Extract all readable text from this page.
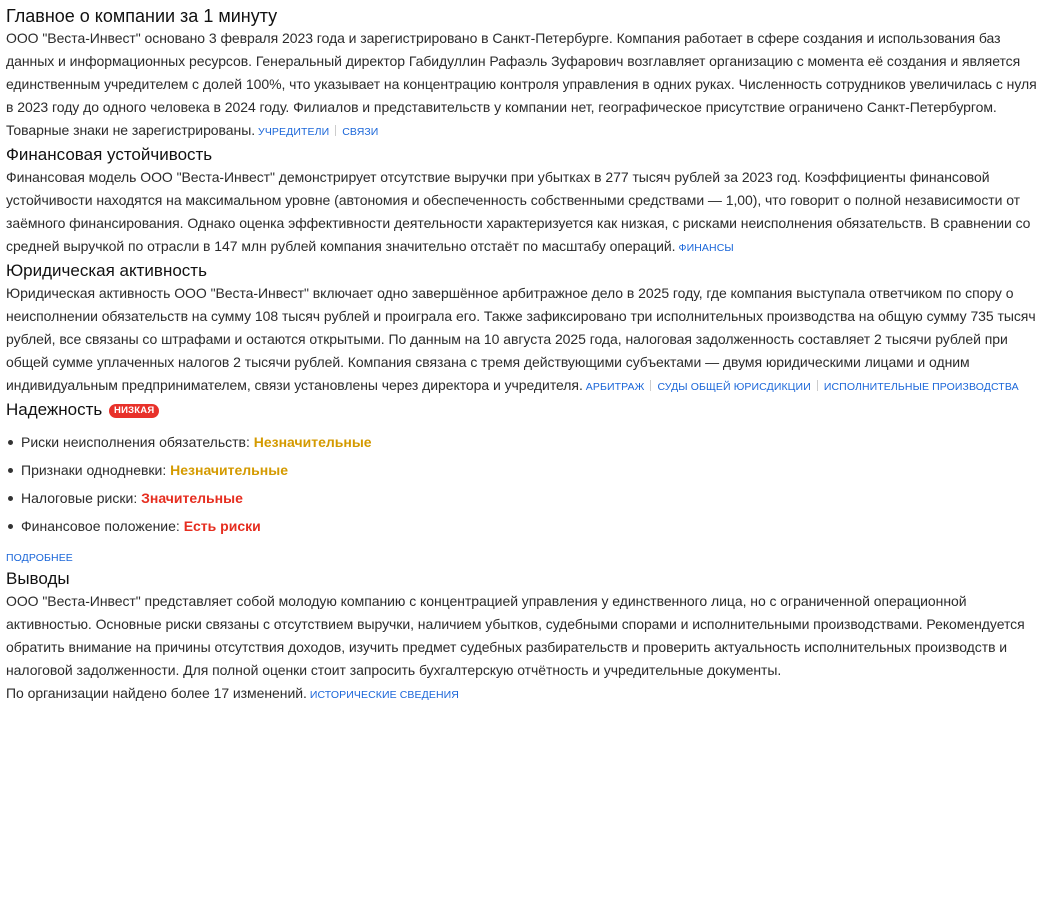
Главное о компании за 1 минуту

ООО "Веста-Инвест" основано 3 февраля 2023 года и зарегистрировано в Санкт-Петербурге. Компания работает в сфере создания и использования баз данных и информационных ресурсов. Генеральный директор Габидуллин Рафаэль Зуфарович возглавляет организацию с момента её создания и является единственным учредителем с долей 100%, что указывает на концентрацию контроля управления в одних руках. Численность сотрудников увеличилась с нуля в 2023 году до одного человека в 2024 году. Филиалов и представительств у компании нет, географическое присутствие ограничено Санкт-Петербургом. Товарные знаки не зарегистрированы. УЧРЕДИТЕЛИ СВЯЗИ

Финансовая устойчивость

Финансовая модель ООО "Веста-Инвест" демонстрирует отсутствие выручки при убытках в 277 тысяч рублей за 2023 год. Коэффициенты финансовой устойчивости находятся на максимальном уровне (автономия и обеспеченность собственными средствами — 1,00), что говорит о полной независимости от заёмного финансирования. Однако оценка эффективности деятельности характеризуется как низкая, с рисками неисполнения обязательств. В сравнении со средней выручкой по отрасли в 147 млн рублей компания значительно отстаёт по масштабу операций. ФИНАНСЫ

Юридическая активность

Юридическая активность ООО "Веста-Инвест" включает одно завершённое арбитражное дело в 2025 году, где компания выступала ответчиком по спору о неисполнении обязательств на сумму 108 тысяч рублей и проиграла его. Также зафиксировано три исполнительных производства на общую сумму 735 тысяч рублей, все связаны со штрафами и остаются открытыми. По данным на 10 августа 2025 года, налоговая задолженность составляет 2 тысячи рублей при общей сумме уплаченных налогов 2 тысячи рублей. Компания связана с тремя действующими субъектами — двумя юридическими лицами и одним индивидуальным предпринимателем, связи установлены через директора и учредителя. АРБИТРАЖ СУДЫ ОБЩЕЙ ЮРИСДИКЦИИ ИСПОЛНИТЕЛЬНЫЕ ПРОИЗВОДСТВА

Надежность НИЗКАЯ
Риски неисполнения обязательств: Незначительные
Признаки однодневки: Незначительные
Налоговые риски: Значительные
Финансовое положение: Есть риски
ПОДРОБНЕЕ
Выводы

ООО "Веста-Инвест" представляет собой молодую компанию с концентрацией управления у единственного лица, но с ограниченной операционной активностью. Основные риски связаны с отсутствием выручки, наличием убытков, судебными спорами и исполнительными производствами. Рекомендуется обратить внимание на причины отсутствия доходов, изучить предмет судебных разбирательств и проверить актуальность исполнительных производств и налоговой задолженности. Для полной оценки стоит запросить бухгалтерскую отчётность и учредительные документы.

По организации найдено более 17 изменений. ИСТОРИЧЕСКИЕ СВЕДЕНИЯ
